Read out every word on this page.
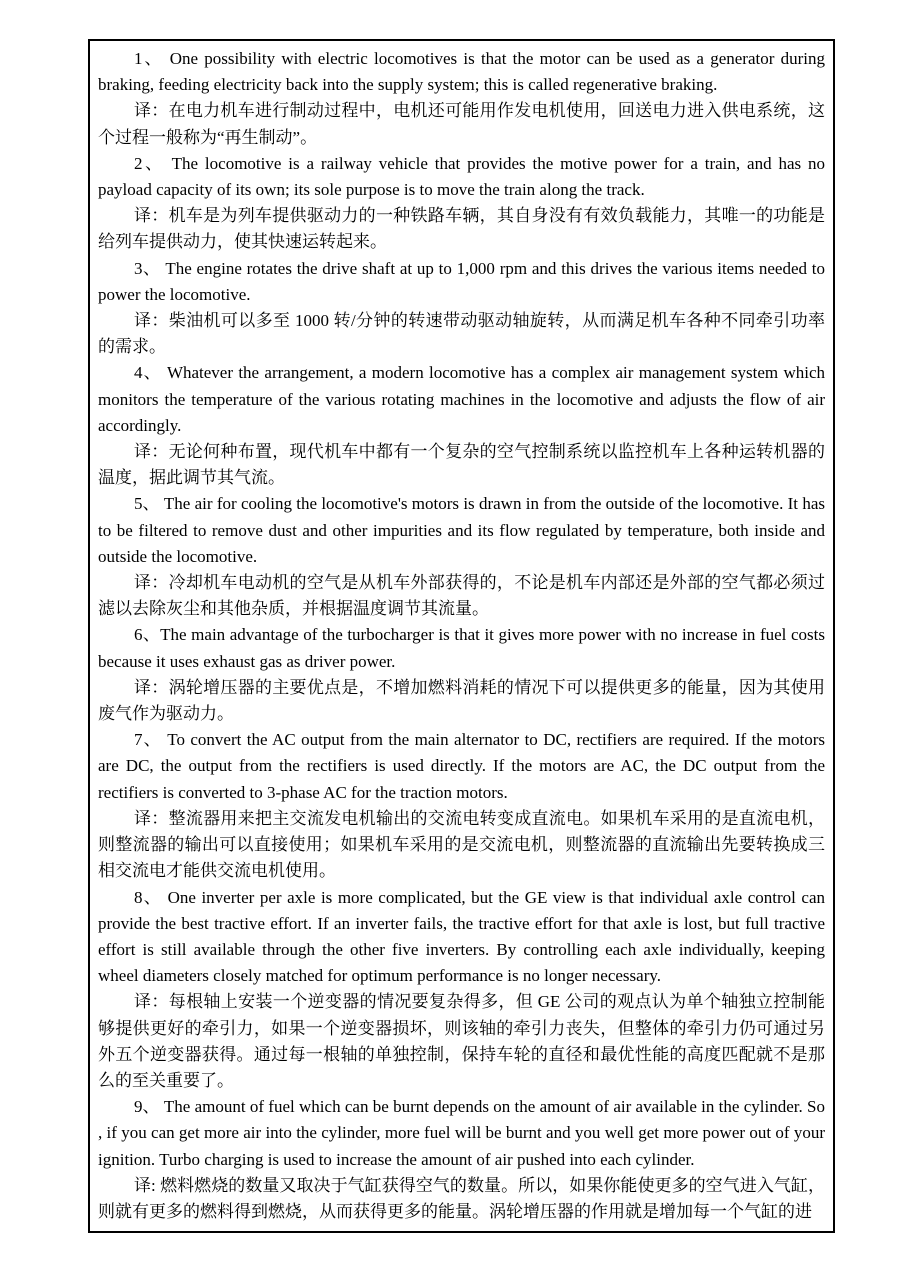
1、 One possibility with electric locomotives is that the motor can be used as a generator during braking, feeding electricity back into the supply system; this is called regenerative braking.

译：在电力机车进行制动过程中，电机还可能用作发电机使用，回送电力进入供电系统，这个过程一般称为“再生制动”。

2、 The locomotive is a railway vehicle that provides the motive power for a train, and has no payload capacity of its own; its sole purpose is to move the train along the track.

译：机车是为列车提供驱动力的一种铁路车辆，其自身没有有效负载能力，其唯一的功能是给列车提供动力，使其快速运转起来。

3、 The engine rotates the drive shaft at up to 1,000 rpm and this drives the various items needed to power the locomotive.

译：柴油机可以多至 1000 转/分钟的转速带动驱动轴旋转，从而满足机车各种不同牵引功率的需求。

4、 Whatever the arrangement, a modern locomotive has a complex air management system which monitors the temperature of the various rotating machines in the locomotive and adjusts the flow of air accordingly.

译：无论何种布置，现代机车中都有一个复杂的空气控制系统以监控机车上各种运转机器的温度，据此调节其气流。

5、 The air for cooling the locomotive's motors is drawn in from the outside of the locomotive. It has to be filtered to remove dust and other impurities and its flow regulated by temperature, both inside and outside the locomotive.

译：冷却机车电动机的空气是从机车外部获得的，不论是机车内部还是外部的空气都必须过滤以去除灰尘和其他杂质，并根据温度调节其流量。

6、The main advantage of the turbocharger is that it gives more power with no increase in fuel costs because it uses exhaust gas as driver power.

译：涡轮增压器的主要优点是，不增加燃料消耗的情况下可以提供更多的能量，因为其使用废气作为驱动力。

7、 To convert the AC output from the main alternator to DC, rectifiers are required. If the motors are DC, the output from the rectifiers is used directly. If the motors are AC, the DC output from the rectifiers is converted to 3-phase AC for the traction motors.

译：整流器用来把主交流发电机输出的交流电转变成直流电。如果机车采用的是直流电机，则整流器的输出可以直接使用；如果机车采用的是交流电机，则整流器的直流输出先要转换成三相交流电才能供交流电机使用。

8、 One inverter per axle is more complicated, but the GE view is that individual axle control can provide the best tractive effort. If an inverter fails, the tractive effort for that axle is lost, but full tractive effort is still available through the other five inverters. By controlling each axle individually, keeping wheel diameters closely matched for optimum performance is no longer necessary.

译：每根轴上安装一个逆变器的情况要复杂得多，但 GE 公司的观点认为单个轴独立控制能够提供更好的牵引力，如果一个逆变器损坏，则该轴的牵引力丧失，但整体的牵引力仍可通过另外五个逆变器获得。通过每一根轴的单独控制，保持车轮的直径和最优性能的高度匹配就不是那么的至关重要了。

9、 The amount of fuel which can be burnt depends on the amount of air available in the cylinder. So , if you can get more air into the cylinder, more fuel will be burnt and you well get more power out of your ignition. Turbo charging is used to increase the amount of air pushed into each cylinder.

译: 燃料燃烧的数量又取决于气缸获得空气的数量。所以，如果你能使更多的空气进入气缸，则就有更多的燃料得到燃烧，从而获得更多的能量。涡轮增压器的作用就是增加每一个气缸的进
